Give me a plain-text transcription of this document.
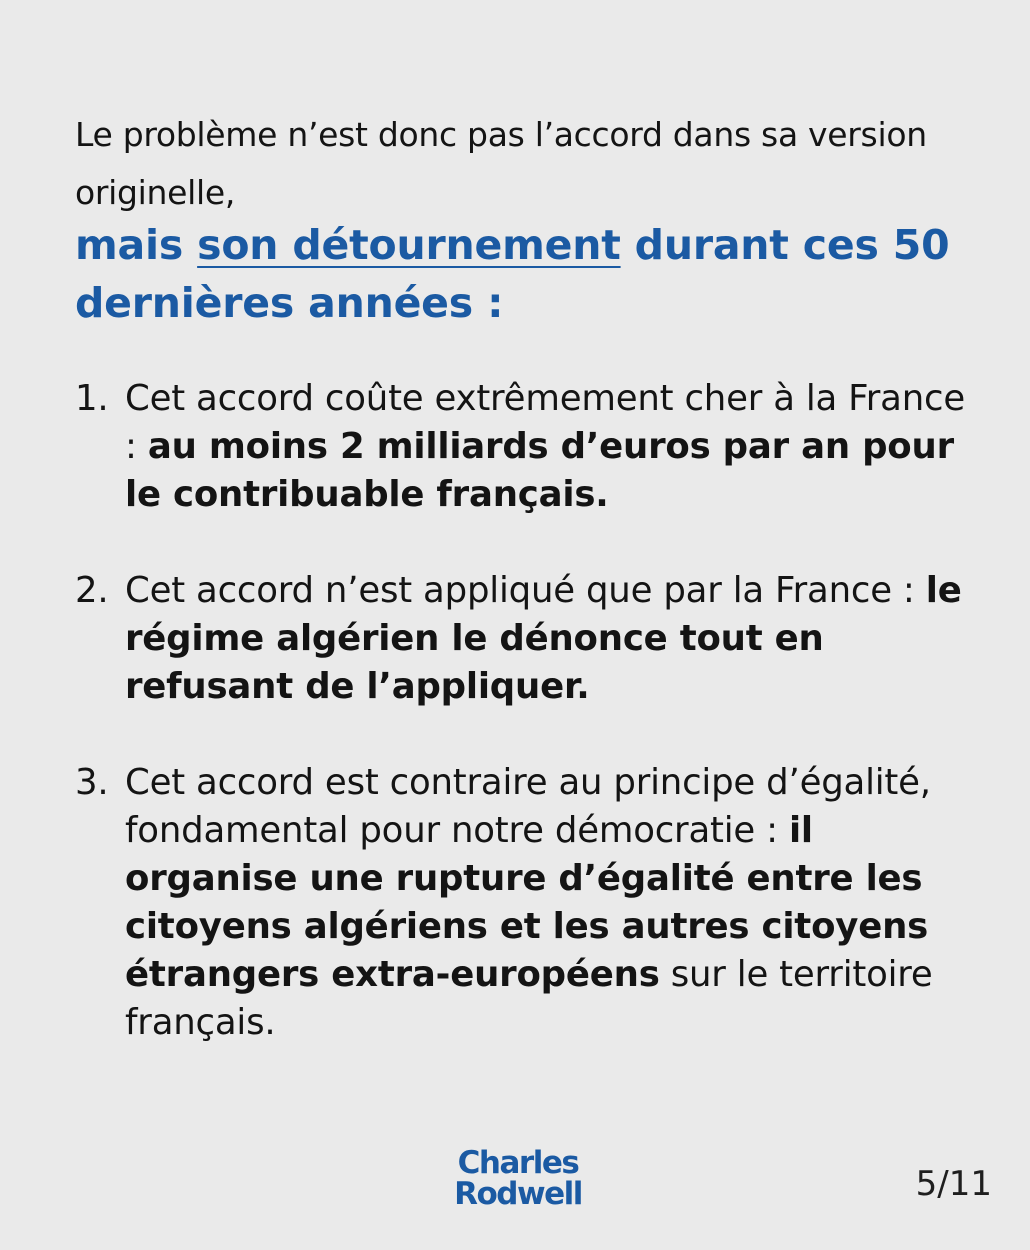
Le problème n’est donc pas l’accord dans sa version originelle,
mais son détournement durant ces 50 dernières années :
1. Cet accord coûte extrêmement cher à la France : au moins 2 milliards d’euros par an pour le contribuable français.
2. Cet accord n’est appliqué que par la France : le régime algérien le dénonce tout en refusant de l’appliquer.
3. Cet accord est contraire au principe d’égalité, fondamental pour notre démocratie : il organise une rupture d’égalité entre les citoyens algériens et les autres citoyens étrangers extra-européens sur le territoire français.
Charles
Rodwell	5/11
